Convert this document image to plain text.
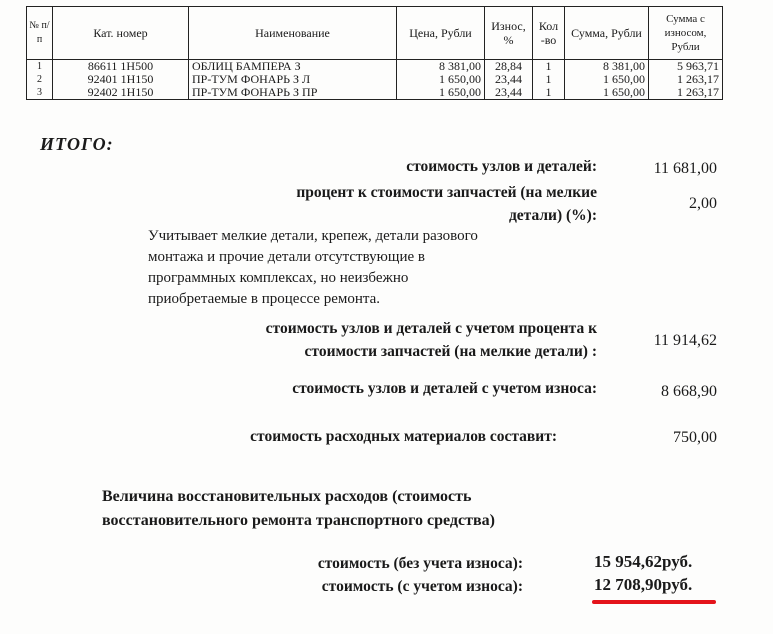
№ п/п	Кат. номер	Наименование	Цена, Рубли	Износ, %	Кол -во	Сумма, Рубли	Сумма с износом, Рубли
1	86611 1H500	ОБЛИЦ БАМПЕРА З	8 381,00	28,84	1	8 381,00	5 963,71
2	92401 1H150	ПР-ТУМ ФОНАРЬ З Л	1 650,00	23,44	1	1 650,00	1 263,17
3	92402 1H150	ПР-ТУМ ФОНАРЬ З ПР	1 650,00	23,44	1	1 650,00	1 263,17
ИТОГО:
стоимость узлов и деталей:	11 681,00
процент к стоимости запчастей (на мелкие
детали) (%):
2,00
Учитывает мелкие детали, крепеж, детали разового
монтажа и прочие детали отсутствующие в
программных комплексах, но неизбежно
приобретаемые в процессе ремонта.
стоимость узлов и деталей с учетом процента к
стоимости запчастей (на мелкие детали) :
11 914,62
стоимость узлов и деталей с учетом износа:	8 668,90
стоимость расходных материалов составит:	750,00
Величина восстановительных расходов (стоимость
восстановительного ремонта транспортного средства)
стоимость (без учета износа):	15 954,62руб.
стоимость (с учетом износа):	12 708,90руб.
